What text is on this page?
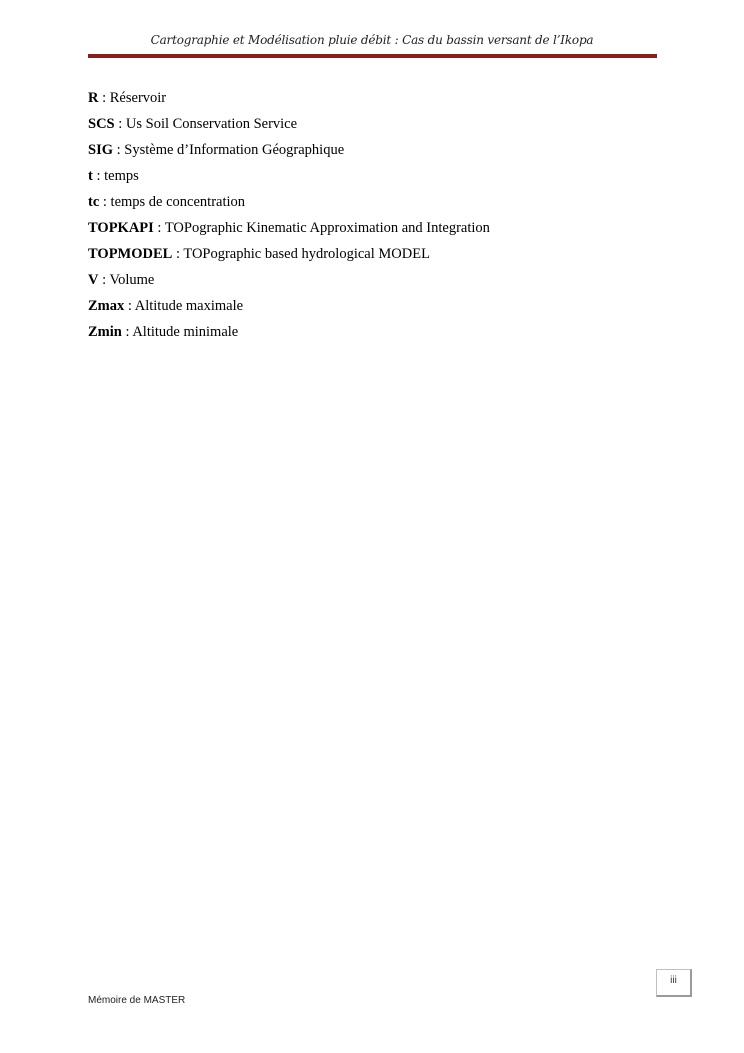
Cartographie et Modélisation pluie débit : Cas du bassin versant de l’Ikopa
R : Réservoir
SCS : Us Soil Conservation Service
SIG : Système d’Information Géographique
t : temps
tc : temps de concentration
TOPKAPI : TOPographic Kinematic Approximation and Integration
TOPMODEL : TOPographic based hydrological MODEL
V : Volume
Zmax : Altitude maximale
Zmin : Altitude minimale
iii
Mémoire de MASTER
